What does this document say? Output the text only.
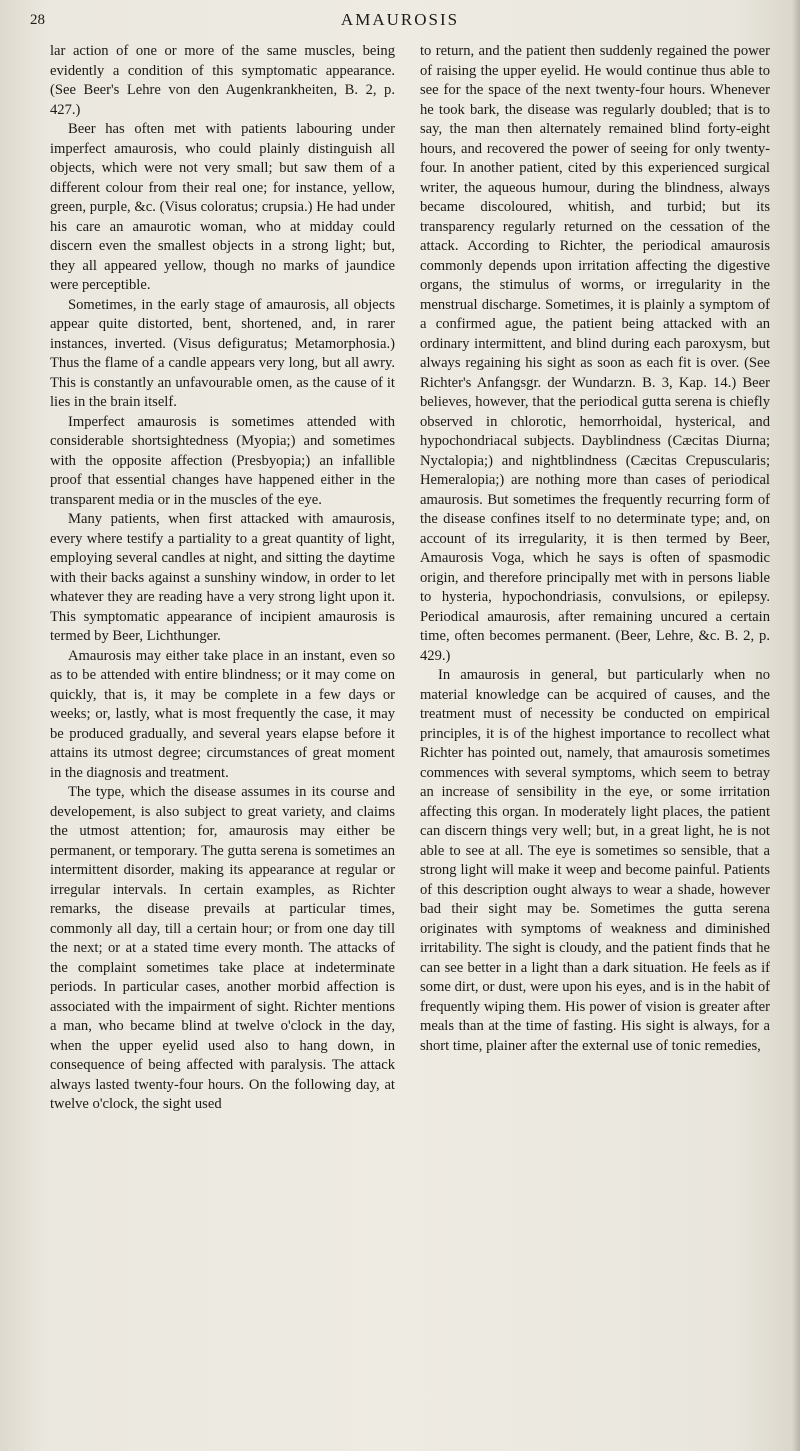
28	AMAUROSIS

lar action of one or more of the same muscles, being evidently a condition of this symptomatic appearance. (See Beer's Lehre von den Augenkrankheiten, B. 2, p. 427.)

Beer has often met with patients labouring under imperfect amaurosis, who could plainly distinguish all objects, which were not very small; but saw them of a different colour from their real one; for instance, yellow, green, purple, &c. (Visus coloratus; crupsia.) He had under his care an amaurotic woman, who at midday could discern even the smallest objects in a strong light; but, they all appeared yellow, though no marks of jaundice were perceptible.

Sometimes, in the early stage of amaurosis, all objects appear quite distorted, bent, shortened, and, in rarer instances, inverted. (Visus defiguratus; Metamorphosia.) Thus the flame of a candle appears very long, but all awry. This is constantly an unfavourable omen, as the cause of it lies in the brain itself.

Imperfect amaurosis is sometimes attended with considerable shortsightedness (Myopia;) and sometimes with the opposite affection (Presbyopia;) an infallible proof that essential changes have happened either in the transparent media or in the muscles of the eye.

Many patients, when first attacked with amaurosis, every where testify a partiality to a great quantity of light, employing several candles at night, and sitting the daytime with their backs against a sunshiny window, in order to let whatever they are reading have a very strong light upon it. This symptomatic appearance of incipient amaurosis is termed by Beer, Lichthunger.

Amaurosis may either take place in an instant, even so as to be attended with entire blindness; or it may come on quickly, that is, it may be complete in a few days or weeks; or, lastly, what is most frequently the case, it may be produced gradually, and several years elapse before it attains its utmost degree; circumstances of great moment in the diagnosis and treatment.

The type, which the disease assumes in its course and developement, is also subject to great variety, and claims the utmost attention; for, amaurosis may either be permanent, or temporary. The gutta serena is sometimes an intermittent disorder, making its appearance at regular or irregular intervals. In certain examples, as Richter remarks, the disease prevails at particular times, commonly all day, till a certain hour; or from one day till the next; or at a stated time every month. The attacks of the complaint sometimes take place at indeterminate periods. In particular cases, another morbid affection is associated with the impairment of sight. Richter mentions a man, who became blind at twelve o'clock in the day, when the upper eyelid used also to hang down, in consequence of being affected with paralysis. The attack always lasted twenty-four hours. On the following day, at twelve o'clock, the sight used

to return, and the patient then suddenly regained the power of raising the upper eyelid. He would continue thus able to see for the space of the next twenty-four hours. Whenever he took bark, the disease was regularly doubled; that is to say, the man then alternately remained blind forty-eight hours, and recovered the power of seeing for only twenty-four. In another patient, cited by this experienced surgical writer, the aqueous humour, during the blindness, always became discoloured, whitish, and turbid; but its transparency regularly returned on the cessation of the attack. According to Richter, the periodical amaurosis commonly depends upon irritation affecting the digestive organs, the stimulus of worms, or irregularity in the menstrual discharge. Sometimes, it is plainly a symptom of a confirmed ague, the patient being attacked with an ordinary intermittent, and blind during each paroxysm, but always regaining his sight as soon as each fit is over. (See Richter's Anfangsgr. der Wundarzn. B. 3, Kap. 14.) Beer believes, however, that the periodical gutta serena is chiefly observed in chlorotic, hemorrhoidal, hysterical, and hypochondriacal subjects. Dayblindness (Cæcitas Diurna; Nyctalopia;) and nightblindness (Cæcitas Crepuscularis; Hemeralopia;) are nothing more than cases of periodical amaurosis. But sometimes the frequently recurring form of the disease confines itself to no determinate type; and, on account of its irregularity, it is then termed by Beer, Amaurosis Voga, which he says is often of spasmodic origin, and therefore principally met with in persons liable to hysteria, hypochondriasis, convulsions, or epilepsy. Periodical amaurosis, after remaining uncured a certain time, often becomes permanent. (Beer, Lehre, &c. B. 2, p. 429.)

In amaurosis in general, but particularly when no material knowledge can be acquired of causes, and the treatment must of necessity be conducted on empirical principles, it is of the highest importance to recollect what Richter has pointed out, namely, that amaurosis sometimes commences with several symptoms, which seem to betray an increase of sensibility in the eye, or some irritation affecting this organ. In moderately light places, the patient can discern things very well; but, in a great light, he is not able to see at all. The eye is sometimes so sensible, that a strong light will make it weep and become painful. Patients of this description ought always to wear a shade, however bad their sight may be. Sometimes the gutta serena originates with symptoms of weakness and diminished irritability. The sight is cloudy, and the patient finds that he can see better in a light than a dark situation. He feels as if some dirt, or dust, were upon his eyes, and is in the habit of frequently wiping them. His power of vision is greater after meals than at the time of fasting. His sight is always, for a short time, plainer after the external use of tonic remedies,
